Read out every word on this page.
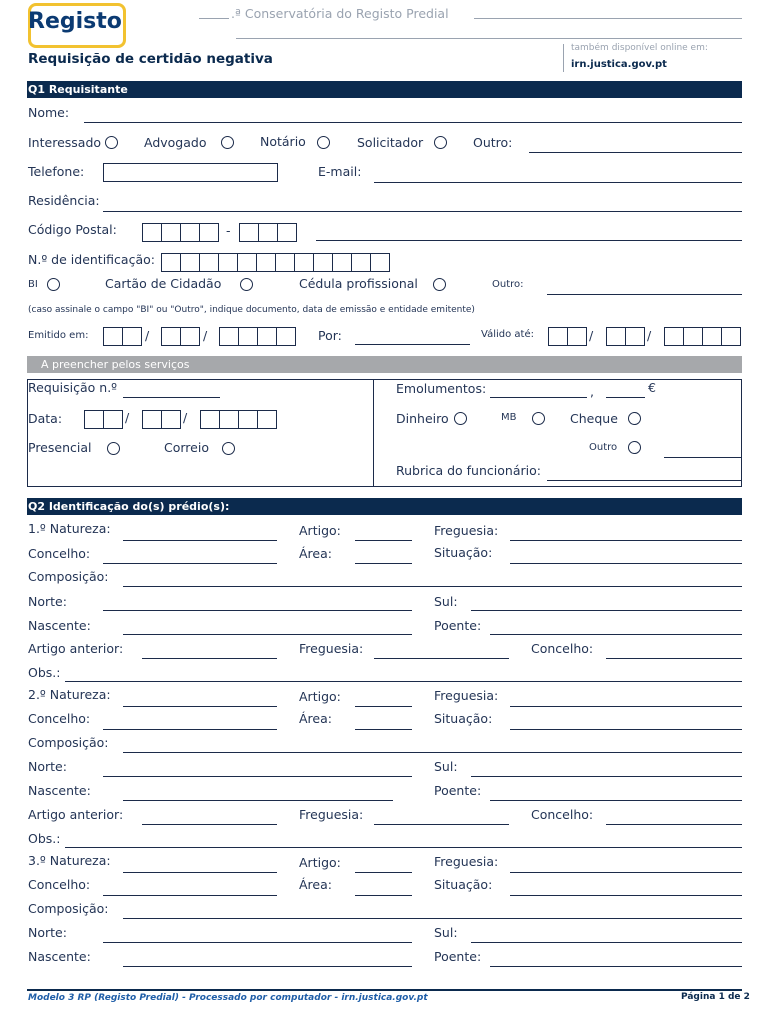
Registo	.ª Conservatória do Registo Predial
Requisição de certidão negativa
também disponível online em:
irn.justica.gov.pt
Q1 Requisitante
Nome:
Interessado	Advogado	Notário	Solicitador	Outro:
Telefone:	E-mail:
Residência:
Código Postal:	-
N.º de identificação:
BI	Cartão de Cidadão	Cédula profissional	Outro:
(caso assinale o campo "BI" ou "Outro", indique documento, data de emissão e entidade emitente)
Emitido em:	/	/	Por:	Válido até:	/	/
A preencher pelos serviços
Requisição n.º
Data:	/	/
Presencial	Correio
Emolumentos:	,	€
Dinheiro	MB	Cheque
Outro
Rubrica do funcionário:
Q2 Identificação do(s) prédio(s):
1.º Natureza:	Artigo:	Freguesia:
Concelho:	Área:	Situação:
Composição:
Norte:	Sul:
Nascente:	Poente:
Artigo anterior:	Freguesia:	Concelho:
Obs.:
2.º Natureza:	Artigo:	Freguesia:
Concelho:	Área:	Situação:
Composição:
Norte:	Sul:
Nascente:	Poente:
Artigo anterior:	Freguesia:	Concelho:
Obs.:
3.º Natureza:	Artigo:	Freguesia:
Concelho:	Área:	Situação:
Composição:
Norte:	Sul:
Nascente:	Poente:
Modelo 3 RP (Registo Predial) - Processado por computador - irn.justica.gov.pt	Página 1 de 2
